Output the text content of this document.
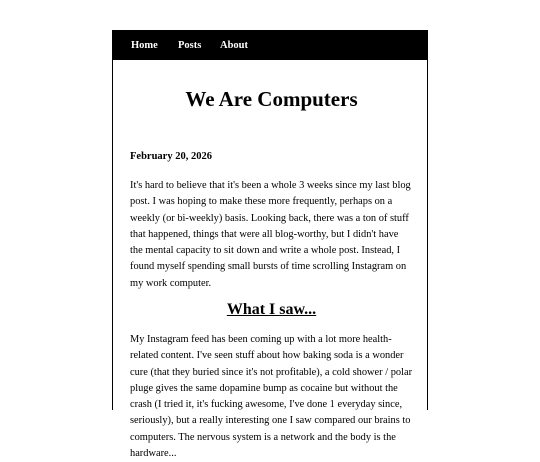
Home Posts About
We Are Computers

February 20, 2026

It's hard to believe that it's been a whole 3 weeks since my last blog post. I was hoping to make these more frequently, perhaps on a weekly (or bi-weekly) basis. Looking back, there was a ton of stuff that happened, things that were all blog-worthy, but I didn't have the mental capacity to sit down and write a whole post. Instead, I found myself spending small bursts of time scrolling Instagram on my work computer.

What I saw...

My Instagram feed has been coming up with a lot more health-related content. I've seen stuff about how baking soda is a wonder cure (that they buried since it's not profitable), a cold shower / polar pluge gives the same dopamine bump as cocaine but without the crash (I tried it, it's fucking awesome, I've done 1 everyday since, seriously), but a really interesting one I saw compared our brains to computers. The nervous system is a network and the body is the hardware...
